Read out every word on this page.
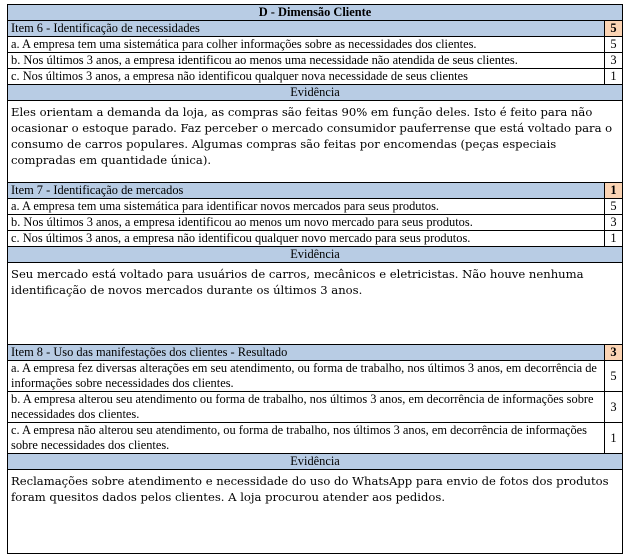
D - Dimensão Cliente	
Item 6 - Identificação de necessidades	5
a. A empresa tem uma sistemática para colher informações sobre as necessidades dos clientes.	5
b. Nos últimos 3 anos, a empresa identificou ao menos uma necessidade não atendida de seus clientes.	3
c. Nos últimos 3 anos, a empresa não identificou qualquer nova necessidade de seus clientes	1
Evidência	
Eles orientam a demanda da loja, as compras são feitas 90% em função deles. Isto é feito para não ocasionar o estoque parado. Faz perceber o mercado consumidor pauferrense que está voltado para o consumo de carros populares. Algumas compras são feitas por encomendas (peças especiais compradas em quantidade única).	
Item 7 - Identificação de mercados	1
a. A empresa tem uma sistemática para identificar novos mercados para seus produtos.	5
b. Nos últimos 3 anos, a empresa identificou ao menos um novo mercado para seus produtos.	3
c. Nos últimos 3 anos, a empresa não identificou qualquer novo mercado para seus produtos.	1
Evidência	
Seu mercado está voltado para usuários de carros, mecânicos e eletricistas. Não houve nenhuma identificação de novos mercados durante os últimos 3 anos.	
Item 8 - Uso das manifestações dos clientes - Resultado	3
a. A empresa fez diversas alterações em seu atendimento, ou forma de trabalho, nos últimos 3 anos, em decorrência de informações sobre necessidades dos clientes.	5
b. A empresa alterou seu atendimento ou forma de trabalho, nos últimos 3 anos, em decorrência de informações sobre necessidades dos clientes.	3
c. A empresa não alterou seu atendimento, ou forma de trabalho, nos últimos 3 anos, em decorrência de informações sobre necessidades dos clientes.	1
Evidência	
Reclamações sobre atendimento e necessidade do uso do WhatsApp para envio de fotos dos produtos foram quesitos dados pelos clientes. A loja procurou atender aos pedidos.	
